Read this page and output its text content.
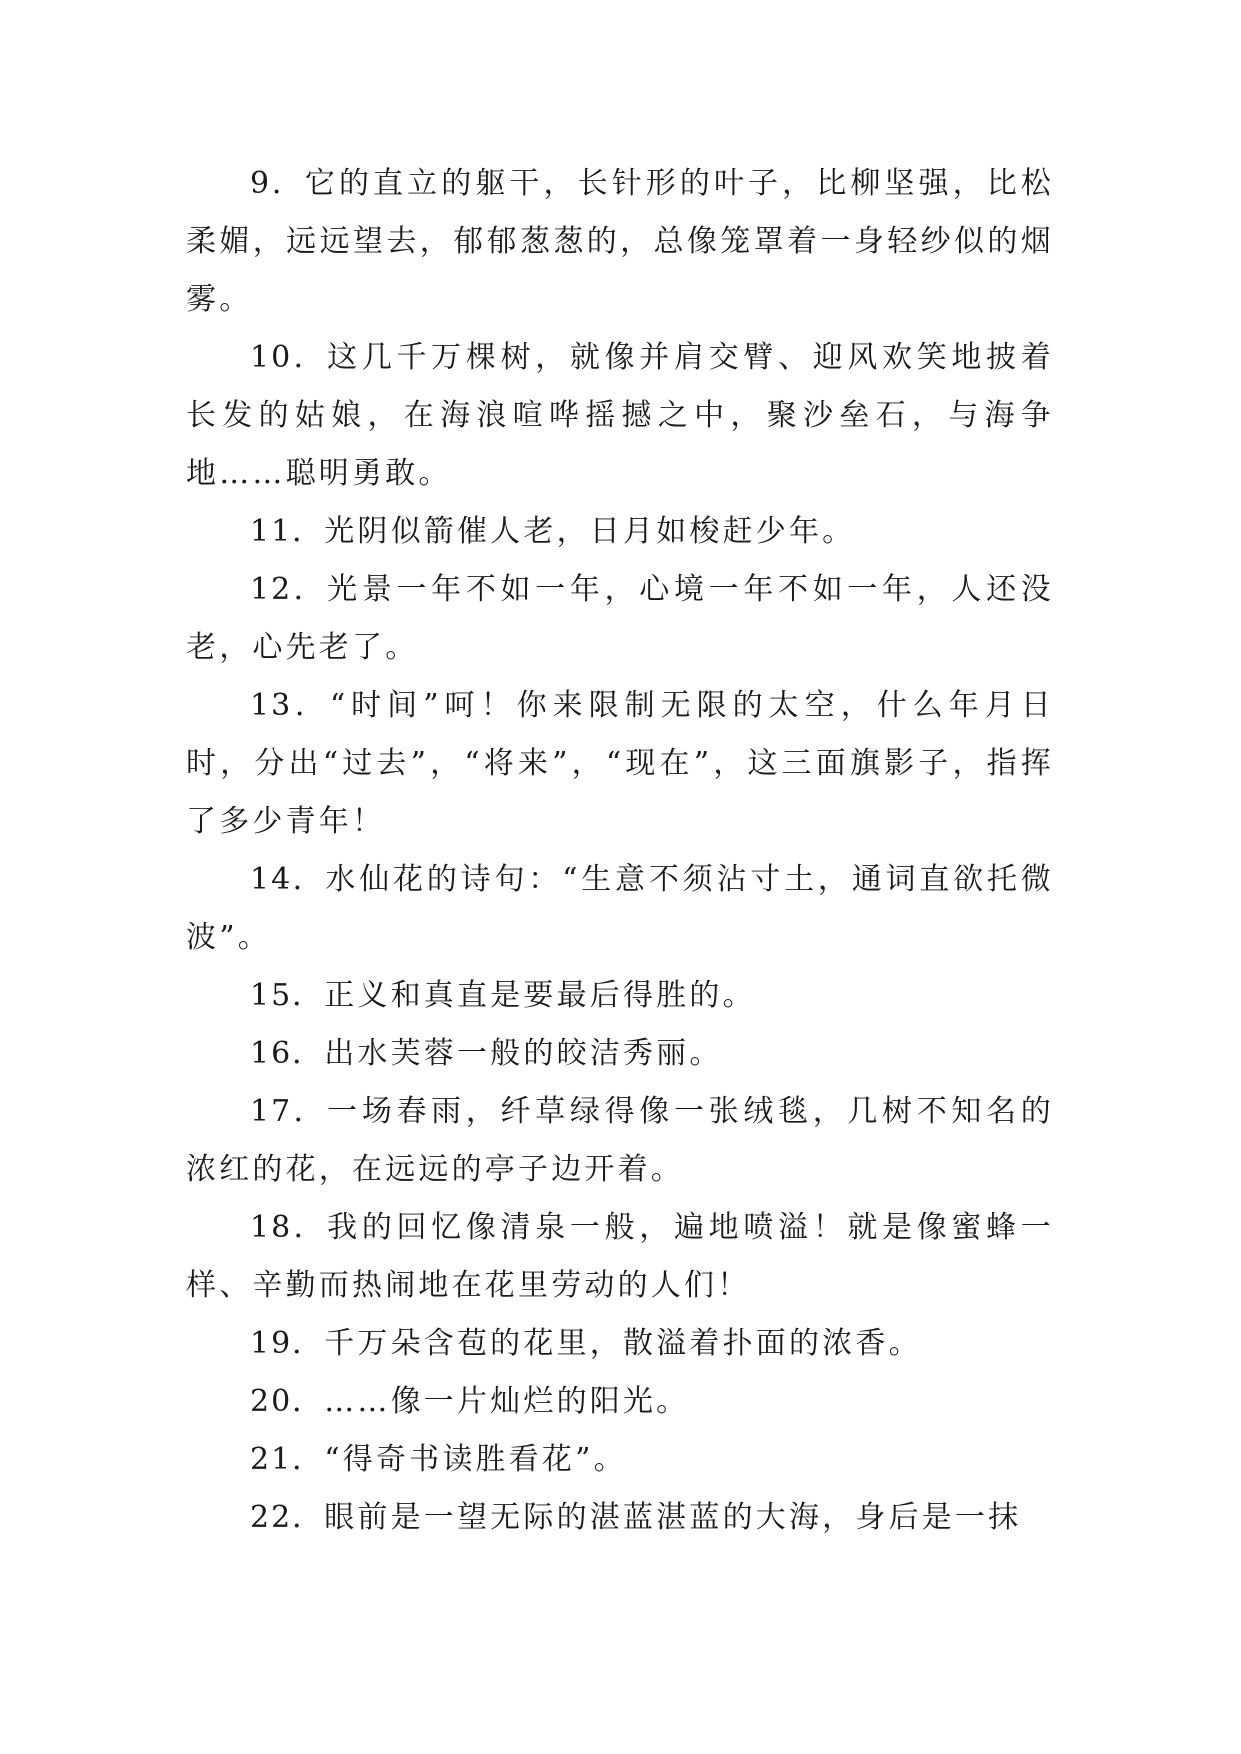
9．它的直立的躯干，长针形的叶子，比柳坚强，比松柔媚，远远望去，郁郁葱葱的，总像笼罩着一身轻纱似的烟雾。

10．这几千万棵树，就像并肩交臂、迎风欢笑地披着长发的姑娘，在海浪喧哗摇撼之中，聚沙垒石，与海争地……聪明勇敢。

11．光阴似箭催人老，日月如梭赶少年。

12．光景一年不如一年，心境一年不如一年，人还没老，心先老了。

13．“时间”呵！你来限制无限的太空，什么年月日时，分出“过去”，“将来”，“现在”，这三面旗影子，指挥了多少青年！

14．水仙花的诗句：“生意不须沾寸土，通词直欲托微波”。

15．正义和真直是要最后得胜的。

16．出水芙蓉一般的皎洁秀丽。

17．一场春雨，纤草绿得像一张绒毯，几树不知名的浓红的花，在远远的亭子边开着。

18．我的回忆像清泉一般，遍地喷溢！就是像蜜蜂一样、辛勤而热闹地在花里劳动的人们！

19．千万朵含苞的花里，散溢着扑面的浓香。

20．……像一片灿烂的阳光。

21．“得奇书读胜看花”。

22．眼前是一望无际的湛蓝湛蓝的大海，身后是一抹
